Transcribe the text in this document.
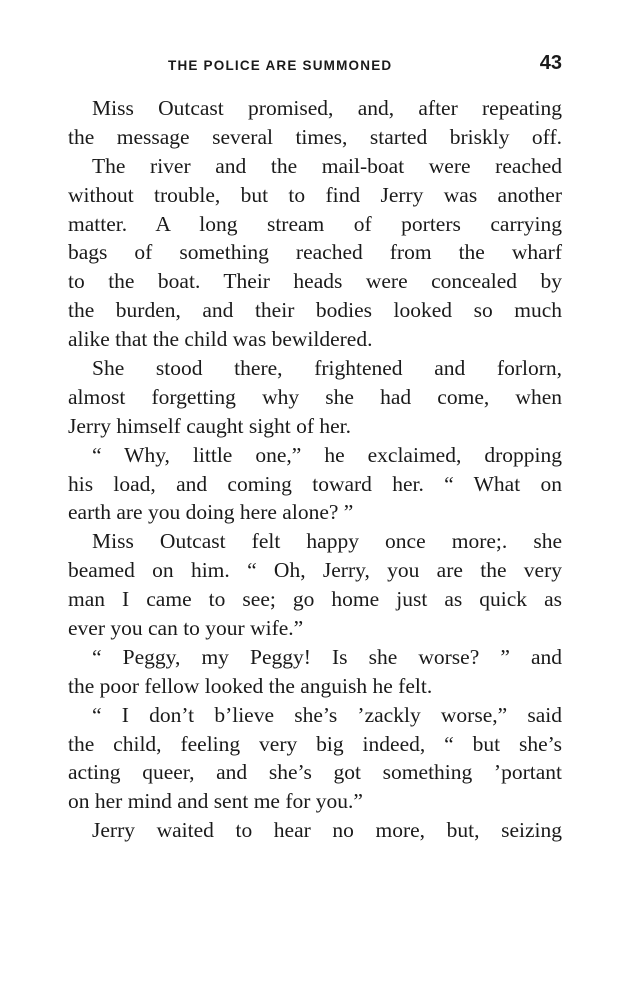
THE POLICE ARE SUMMONED	43
Miss Outcast promised, and, after repeating
the message several times, started briskly off.
The river and the mail-boat were reached
without trouble, but to find Jerry was another
matter. A long stream of porters carrying
bags of something reached from the wharf
to the boat. Their heads were concealed by
the burden, and their bodies looked so much
alike that the child was bewildered.
She stood there, frightened and forlorn,
almost forgetting why she had come, when
Jerry himself caught sight of her.
“ Why, little one,” he exclaimed, dropping
his load, and coming toward her. “ What on
earth are you doing here alone? ”
Miss Outcast felt happy once more;. she
beamed on him. “ Oh, Jerry, you are the very
man I came to see; go home just as quick as
ever you can to your wife.”
“ Peggy, my Peggy! Is she worse? ” and
the poor fellow looked the anguish he felt.
“ I don’t b’lieve she’s ’zackly worse,” said
the child, feeling very big indeed, “ but she’s
acting queer, and she’s got something ’portant
on her mind and sent me for you.”
Jerry waited to hear no more, but, seizing
